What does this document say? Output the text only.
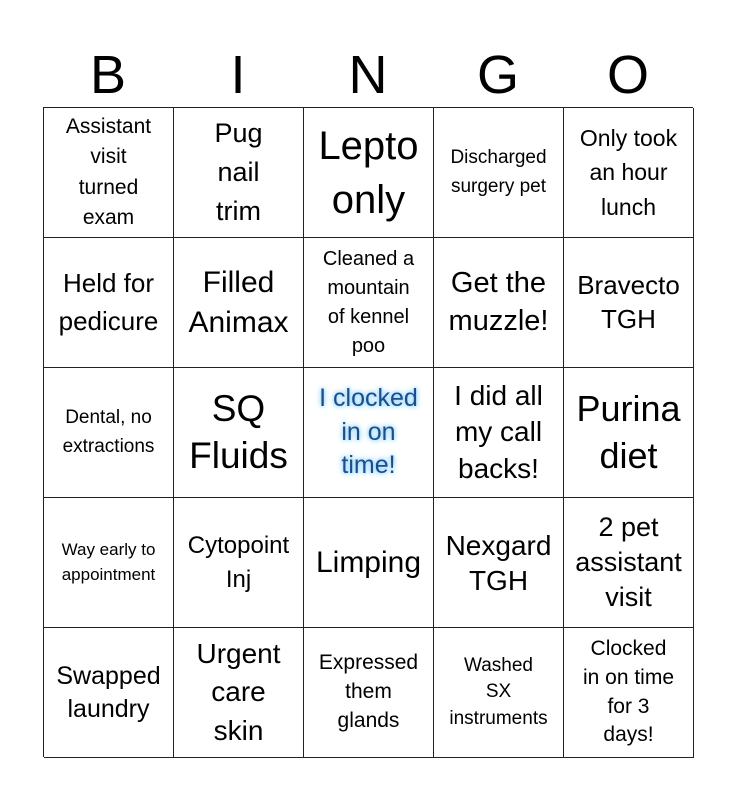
B	I	N	G	O
Assistant
visit
turned
exam
Pug
nail
trim
Lepto
only
Discharged
surgery pet
Only took
an hour
lunch
Held for
pedicure
Filled
Animax
Cleaned a
mountain
of kennel
poo
Get the
muzzle!
Bravecto
TGH
Dental, no
extractions
SQ
Fluids
I clocked
in on
time!
I did all
my call
backs!
Purina
diet
Way early to
appointment
Cytopoint
Inj
Limping
Nexgard
TGH
2 pet
assistant
visit
Swapped
laundry
Urgent
care
skin
Expressed
them
glands
Washed
SX
instruments
Clocked
in on time
for 3
days!
